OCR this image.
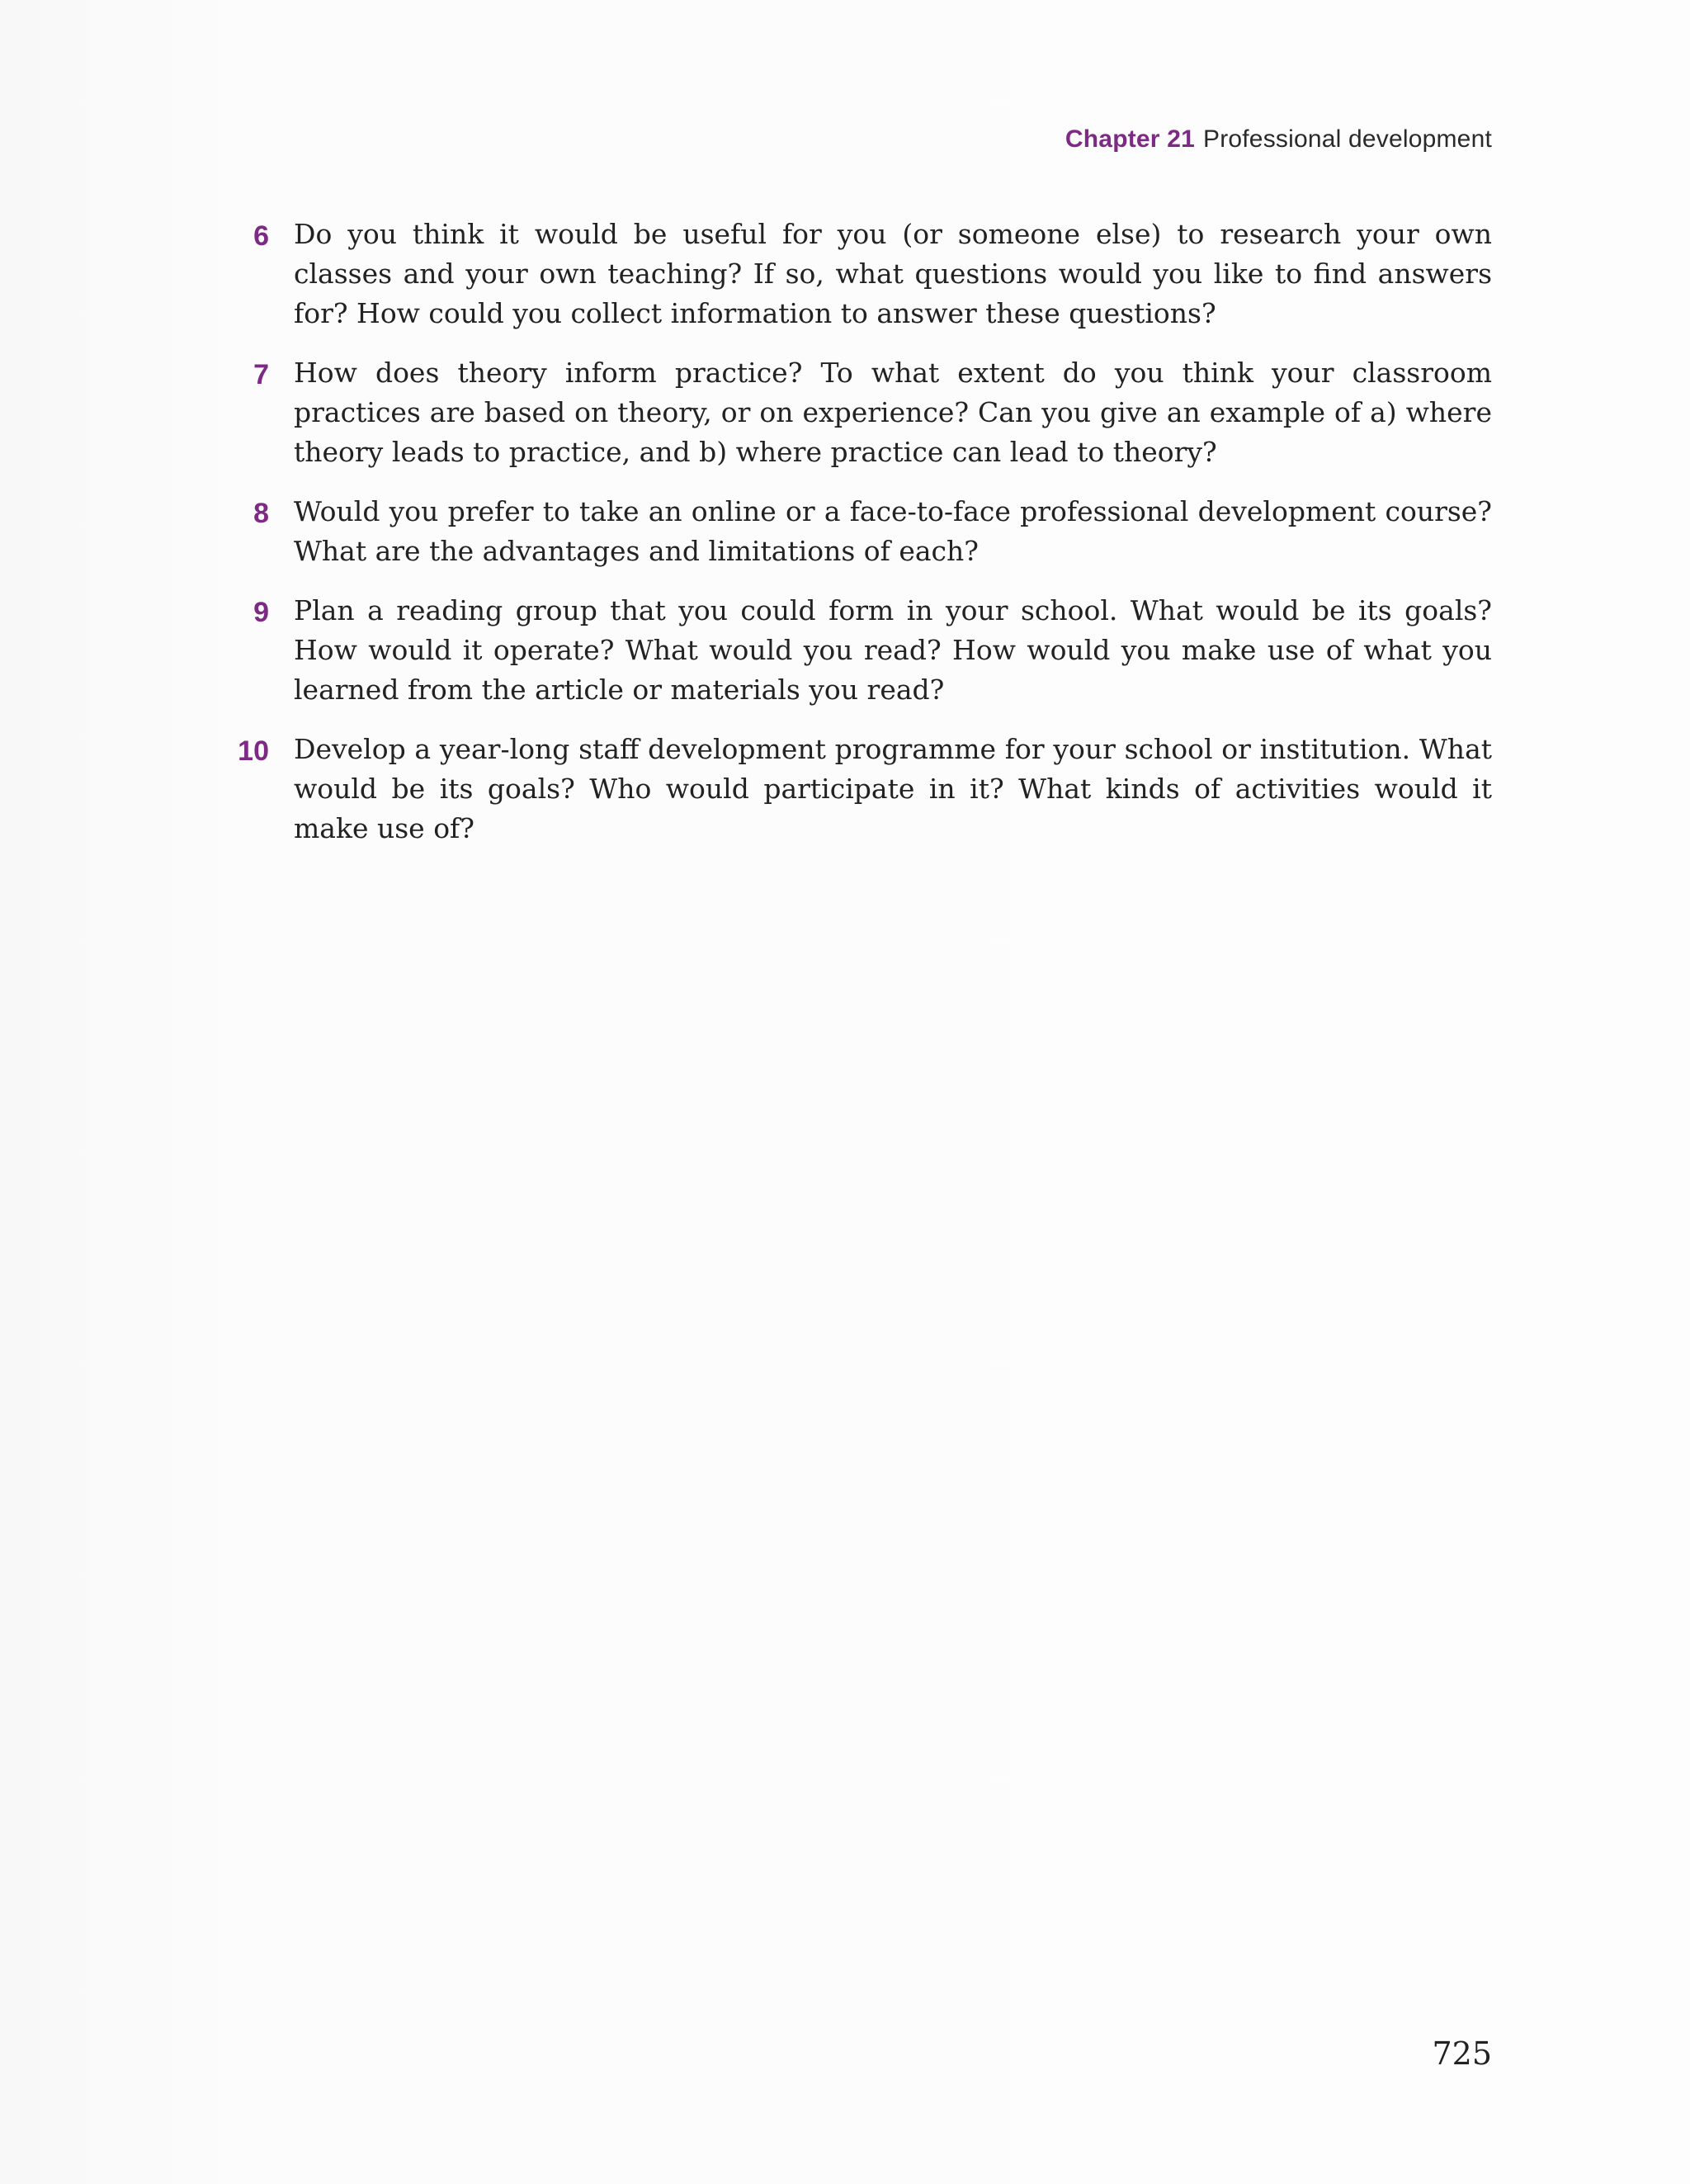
Chapter 21 Professional development
6 Do you think it would be useful for you (or someone else) to research your own classes and your own teaching? If so, what questions would you like to find answers for? How could you collect information to answer these questions?
7 How does theory inform practice? To what extent do you think your classroom practices are based on theory, or on experience? Can you give an example of a) where theory leads to practice, and b) where practice can lead to theory?
8 Would you prefer to take an online or a face-to-face professional development course? What are the advantages and limitations of each?
9 Plan a reading group that you could form in your school. What would be its goals? How would it operate? What would you read? How would you make use of what you learned from the article or materials you read?
10 Develop a year-long staff development programme for your school or institution. What would be its goals? Who would participate in it? What kinds of activities would it make use of?
725
